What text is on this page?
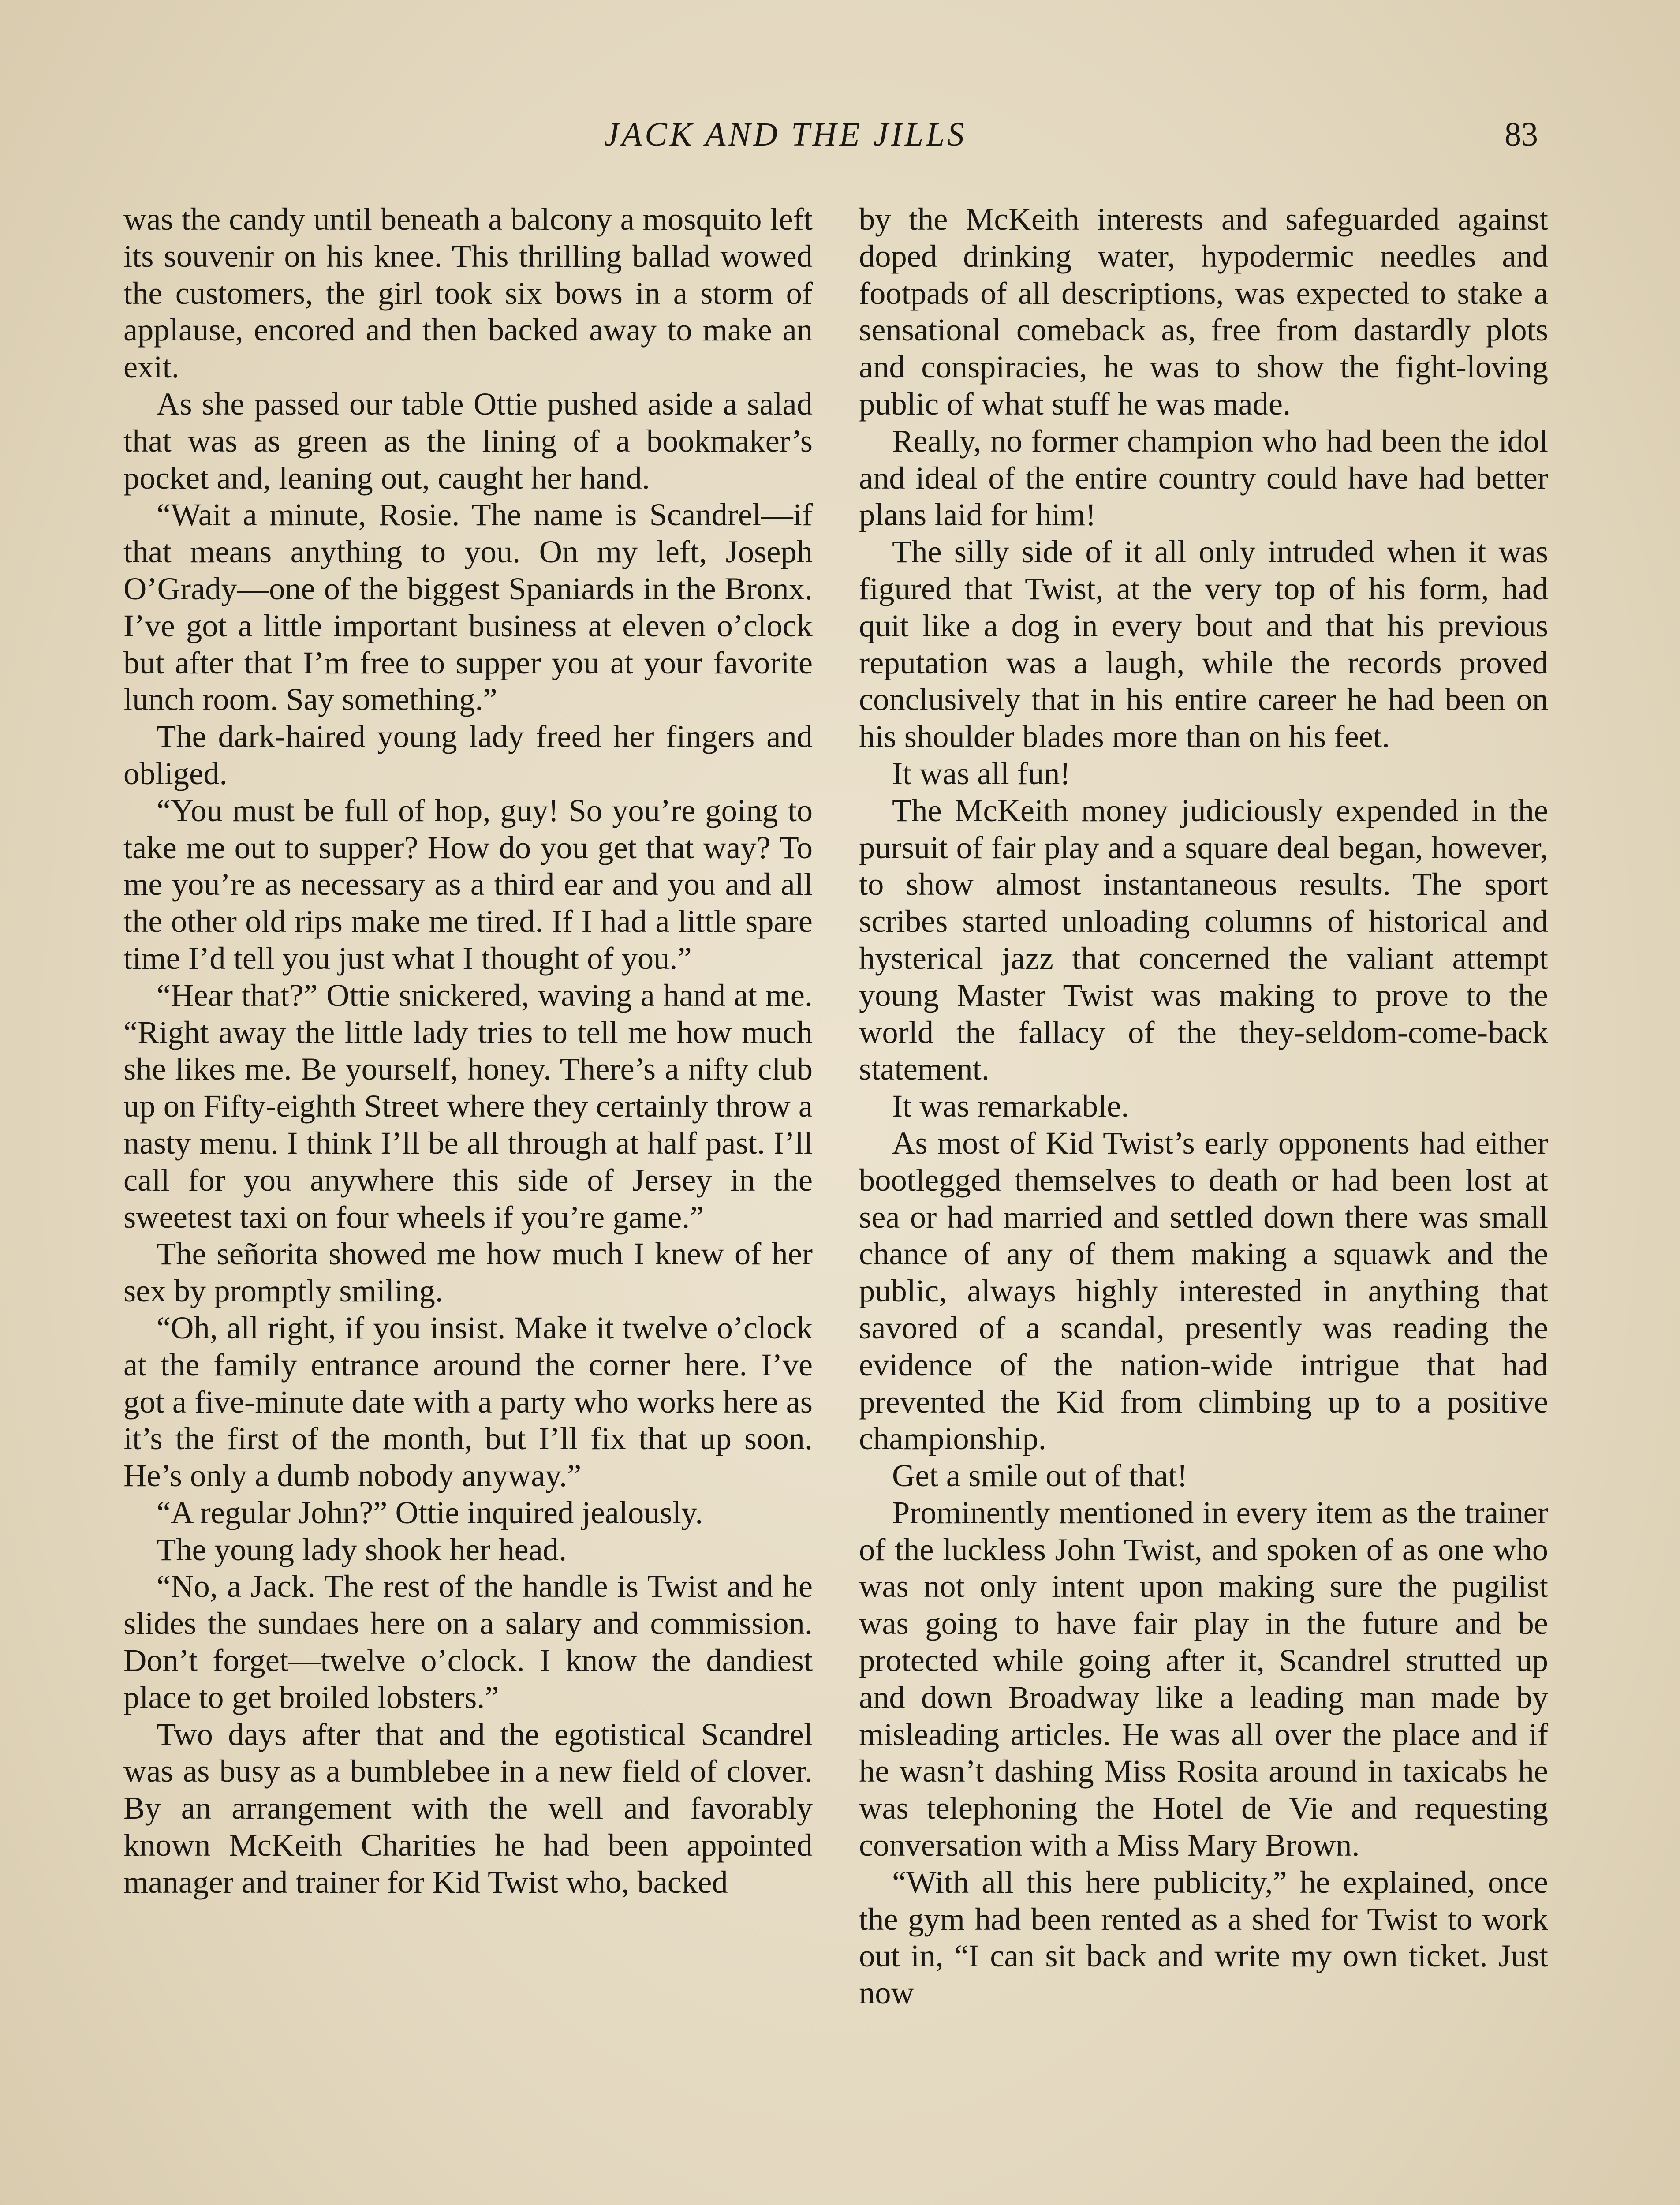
JACK AND THE JILLS	83

was the candy until beneath a balcony a mosquito left its souvenir on his knee. This thrilling ballad wowed the customers, the girl took six bows in a storm of applause, encored and then backed away to make an exit.

As she passed our table Ottie pushed aside a salad that was as green as the lining of a bookmaker’s pocket and, leaning out, caught her hand.

“Wait a minute, Rosie. The name is Scandrel—if that means anything to you. On my left, Joseph O’Grady—one of the biggest Spaniards in the Bronx. I’ve got a little important business at eleven o’clock but after that I’m free to supper you at your favorite lunch room. Say something.”

The dark-haired young lady freed her fingers and obliged.

“You must be full of hop, guy! So you’re going to take me out to supper? How do you get that way? To me you’re as necessary as a third ear and you and all the other old rips make me tired. If I had a little spare time I’d tell you just what I thought of you.”

“Hear that?” Ottie snickered, waving a hand at me. “Right away the little lady tries to tell me how much she likes me. Be yourself, honey. There’s a nifty club up on Fifty-eighth Street where they certainly throw a nasty menu. I think I’ll be all through at half past. I’ll call for you anywhere this side of Jersey in the sweetest taxi on four wheels if you’re game.”

The señorita showed me how much I knew of her sex by promptly smiling.

“Oh, all right, if you insist. Make it twelve o’clock at the family entrance around the corner here. I’ve got a five-minute date with a party who works here as it’s the first of the month, but I’ll fix that up soon. He’s only a dumb nobody anyway.”

“A regular John?” Ottie inquired jealously.

The young lady shook her head.

“No, a Jack. The rest of the handle is Twist and he slides the sundaes here on a salary and commission. Don’t forget—twelve o’clock. I know the dandiest place to get broiled lobsters.”

Two days after that and the egotistical Scandrel was as busy as a bumblebee in a new field of clover. By an arrangement with the well and favorably known McKeith Charities he had been appointed manager and trainer for Kid Twist who, backed

by the McKeith interests and safeguarded against doped drinking water, hypodermic needles and footpads of all descriptions, was expected to stake a sensational comeback as, free from dastardly plots and conspiracies, he was to show the fight-loving public of what stuff he was made.

Really, no former champion who had been the idol and ideal of the entire country could have had better plans laid for him!

The silly side of it all only intruded when it was figured that Twist, at the very top of his form, had quit like a dog in every bout and that his previous reputation was a laugh, while the records proved conclusively that in his entire career he had been on his shoulder blades more than on his feet.

It was all fun!

The McKeith money judiciously expended in the pursuit of fair play and a square deal began, however, to show almost instantaneous results. The sport scribes started unloading columns of historical and hysterical jazz that concerned the valiant attempt young Master Twist was making to prove to the world the fallacy of the they-seldom-come-back statement.

It was remarkable.

As most of Kid Twist’s early opponents had either bootlegged themselves to death or had been lost at sea or had married and settled down there was small chance of any of them making a squawk and the public, always highly interested in anything that savored of a scandal, presently was reading the evidence of the nation-wide intrigue that had prevented the Kid from climbing up to a positive championship.

Get a smile out of that!

Prominently mentioned in every item as the trainer of the luckless John Twist, and spoken of as one who was not only intent upon making sure the pugilist was going to have fair play in the future and be protected while going after it, Scandrel strutted up and down Broadway like a leading man made by misleading articles. He was all over the place and if he wasn’t dashing Miss Rosita around in taxicabs he was telephoning the Hotel de Vie and requesting conversation with a Miss Mary Brown.

“With all this here publicity,” he explained, once the gym had been rented as a shed for Twist to work out in, “I can sit back and write my own ticket. Just now
